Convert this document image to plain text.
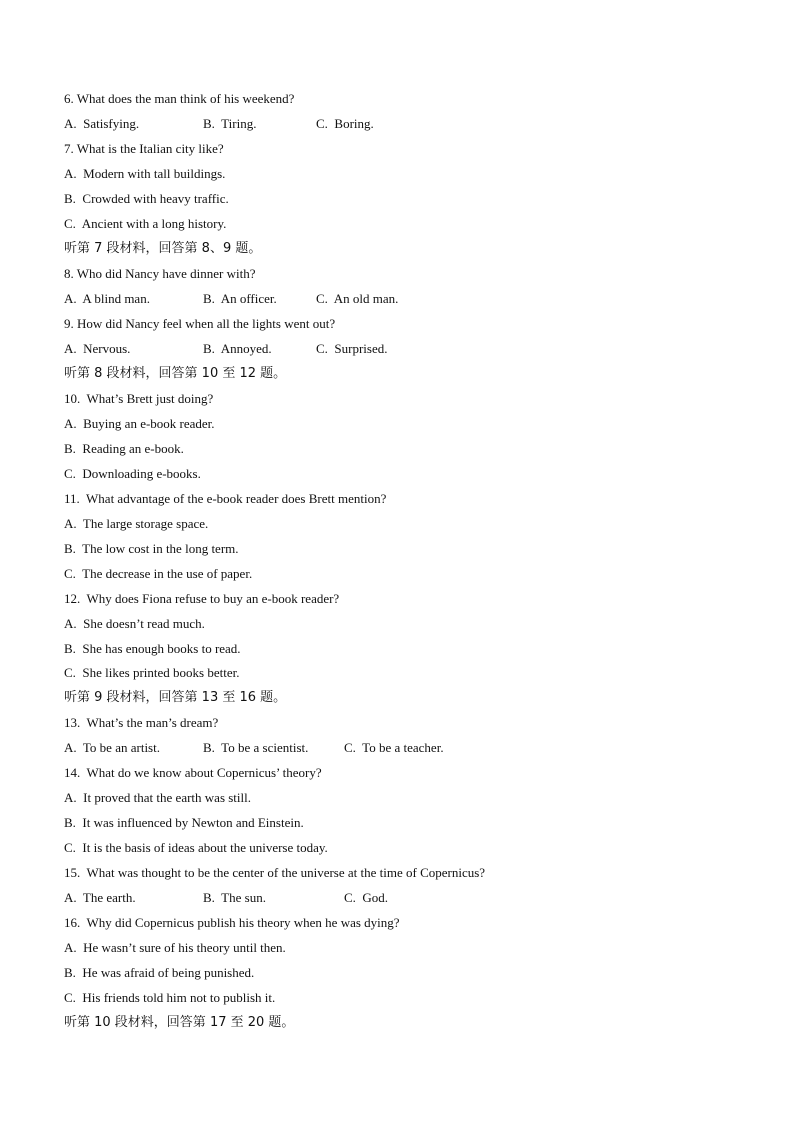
6. What does the man think of his weekend?

A.  Satisfying.

	B.  Tiring.

	C.  Boring.

7. What is the Italian city like?
A.  Modern with tall buildings.
B.  Crowded with heavy traffic.
C.  Ancient with a long history.
听第 7 段材料，回答第 8、9 题。
8. Who did Nancy have dinner with?

A.  A blind man.

	B.  An officer.

	C.  An old man.

9. How did Nancy feel when all the lights went out?

A.  Nervous.

	B.  Annoyed.

	C.  Surprised.

听第 8 段材料，回答第 10 至 12 题。
10.  What’s Brett just doing?
A.  Buying an e-book reader.
B.  Reading an e-book.
C.  Downloading e-books.
11.  What advantage of the e-book reader does Brett mention?
A.  The large storage space.
B.  The low cost in the long term.
C.  The decrease in the use of paper.
12.  Why does Fiona refuse to buy an e-book reader?
A.  She doesn’t read much.
B.  She has enough books to read.
C.  She likes printed books better.
听第 9 段材料，回答第 13 至 16 题。
13.  What’s the man’s dream?

A.  To be an artist.

	B.  To be a scientist.

	C.  To be a teacher.

14.  What do we know about Copernicus’ theory?
A.  It proved that the earth was still.
B.  It was influenced by Newton and Einstein.
C.  It is the basis of ideas about the universe today.
15.  What was thought to be the center of the universe at the time of Copernicus?

A.  The earth.

	B.  The sun.

	C.  God.

16.  Why did Copernicus publish his theory when he was dying?
A.  He wasn’t sure of his theory until then.
B.  He was afraid of being punished.
C.  His friends told him not to publish it.
听第 10 段材料，回答第 17 至 20 题。
